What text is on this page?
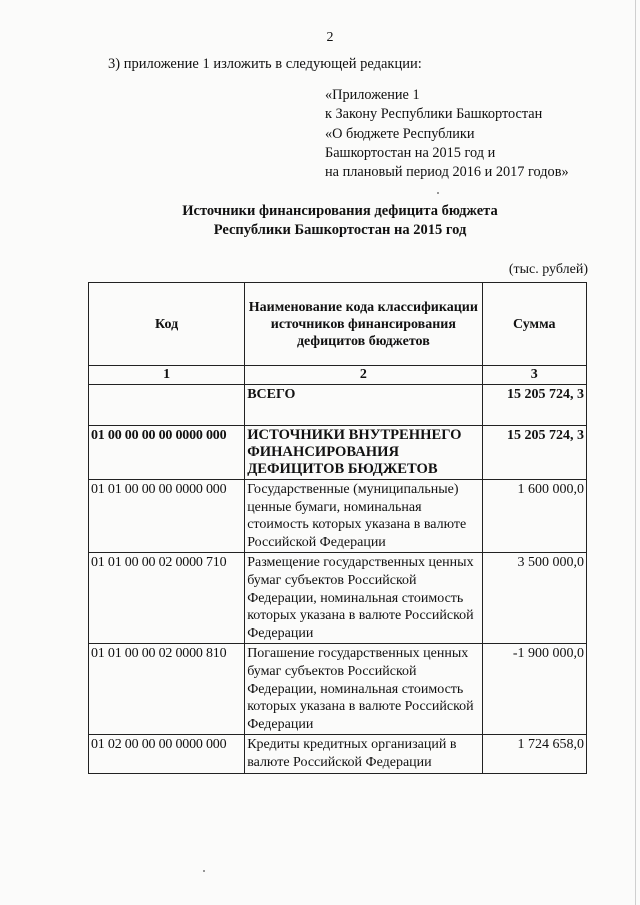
2
3) приложение 1 изложить в следующей редакции:
«Приложение 1
к Закону Республики Башкортостан
«О бюджете Республики
Башкортостан на 2015 год и
на плановый период 2016 и 2017 годов»
Источники финансирования дефицита бюджета
Республики Башкортостан на 2015 год
(тыс. рублей)
Код	Наименование кода классификации источников финансирования дефицитов бюджетов	Сумма
1	2	3
	ВСЕГО	15 205 724, 3
01 00 00 00 00 0000 000	ИСТОЧНИКИ ВНУТРЕННЕГО ФИНАНСИРОВАНИЯ ДЕФИЦИТОВ БЮДЖЕТОВ	15 205 724, 3
01 01 00 00 00 0000 000	Государственные (муниципальные) ценные бумаги, номинальная стоимость которых указана в валюте Российской Федерации	1 600 000,0
01 01 00 00 02 0000 710	Размещение государственных ценных бумаг субъектов Российской Федерации, номинальная стоимость которых указана в валюте Российской Федерации	3 500 000,0
01 01 00 00 02 0000 810	Погашение государственных ценных бумаг субъектов Российской Федерации, номинальная стоимость которых указана в валюте Российской Федерации	-1 900 000,0
01 02 00 00 00 0000 000	Кредиты кредитных организаций в валюте Российской Федерации	1 724 658,0
